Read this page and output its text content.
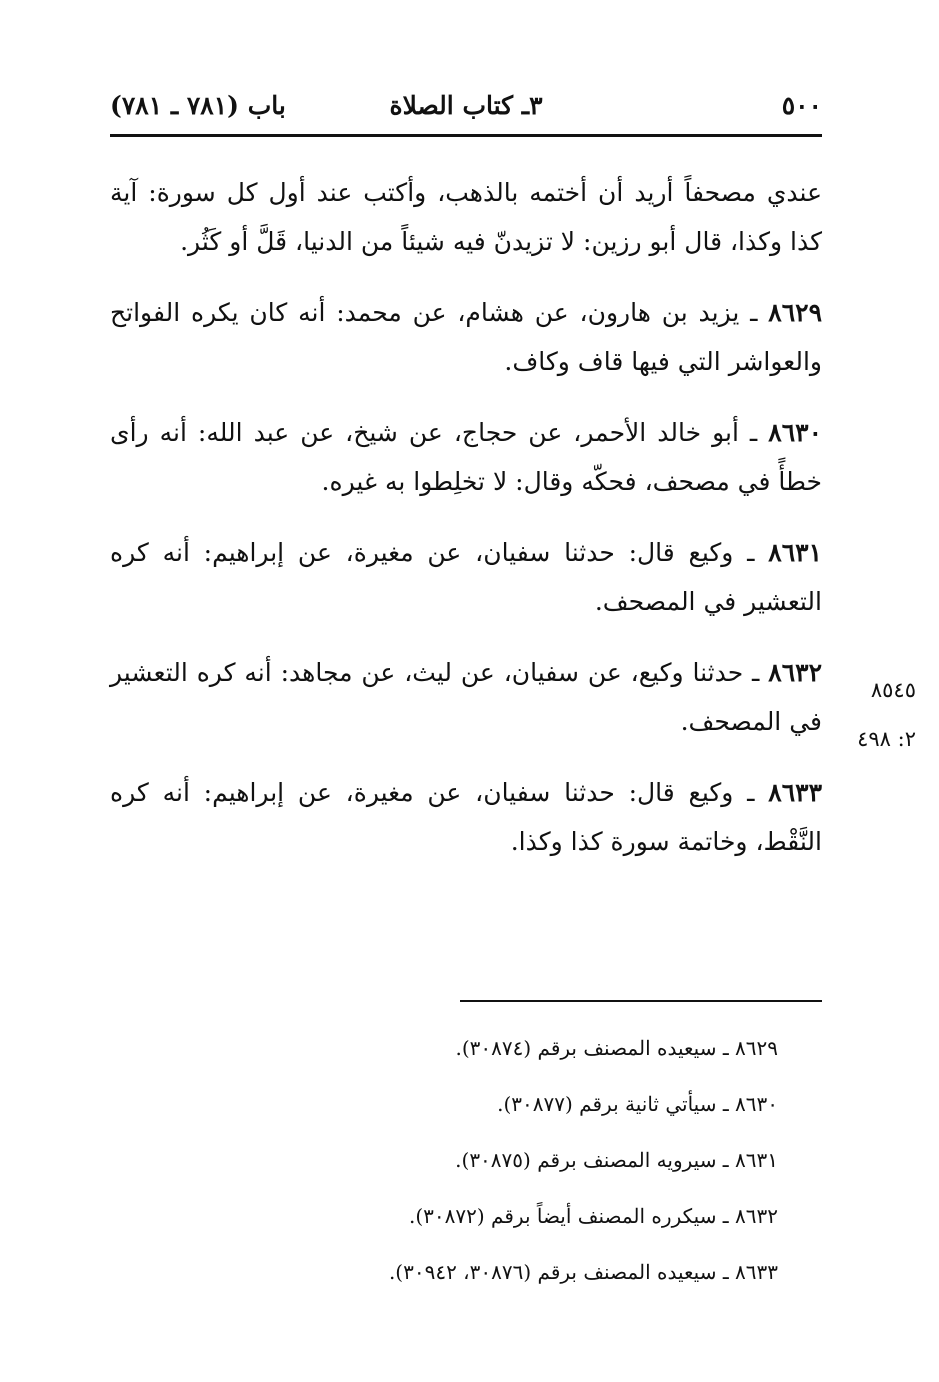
٥٠٠
٣ـ كتاب الصلاة
باب (٧٨١ ـ ٧٨١)

عندي مصحفاً أريد أن أختمه بالذهب، وأكتب عند أول كل سورة: آية كذا وكذا، قال أبو رزين: لا تزيدنّ فيه شيئاً من الدنيا، قَلَّ أو كَثُر.

٨٦٢٩ ـ يزيد بن هارون، عن هشام، عن محمد: أنه كان يكره الفواتح والعواشر التي فيها قاف وكاف.

٨٦٣٠ ـ أبو خالد الأحمر، عن حجاج، عن شيخ، عن عبد الله: أنه رأى خطأً في مصحف، فحكّه وقال: لا تخلِطوا به غيره.

٨٦٣١ ـ وكيع قال: حدثنا سفيان، عن مغيرة، عن إبراهيم: أنه كره التعشير في المصحف.

٨٦٣٢ ـ حدثنا وكيع، عن سفيان، عن ليث، عن مجاهد: أنه كره التعشير في المصحف.

٨٦٣٣ ـ وكيع قال: حدثنا سفيان، عن مغيرة، عن إبراهيم: أنه كره النَّقْط، وخاتمة سورة كذا وكذا.

٨٥٤٥
٢: ٤٩٨
٨٦٢٩ ـ سيعيده المصنف برقم (٣٠٨٧٤).
٨٦٣٠ ـ سيأتي ثانية برقم (٣٠٨٧٧).
٨٦٣١ ـ سيرويه المصنف برقم (٣٠٨٧٥).
٨٦٣٢ ـ سيكرره المصنف أيضاً برقم (٣٠٨٧٢).
٨٦٣٣ ـ سيعيده المصنف برقم (٣٠٨٧٦، ٣٠٩٤٢).
